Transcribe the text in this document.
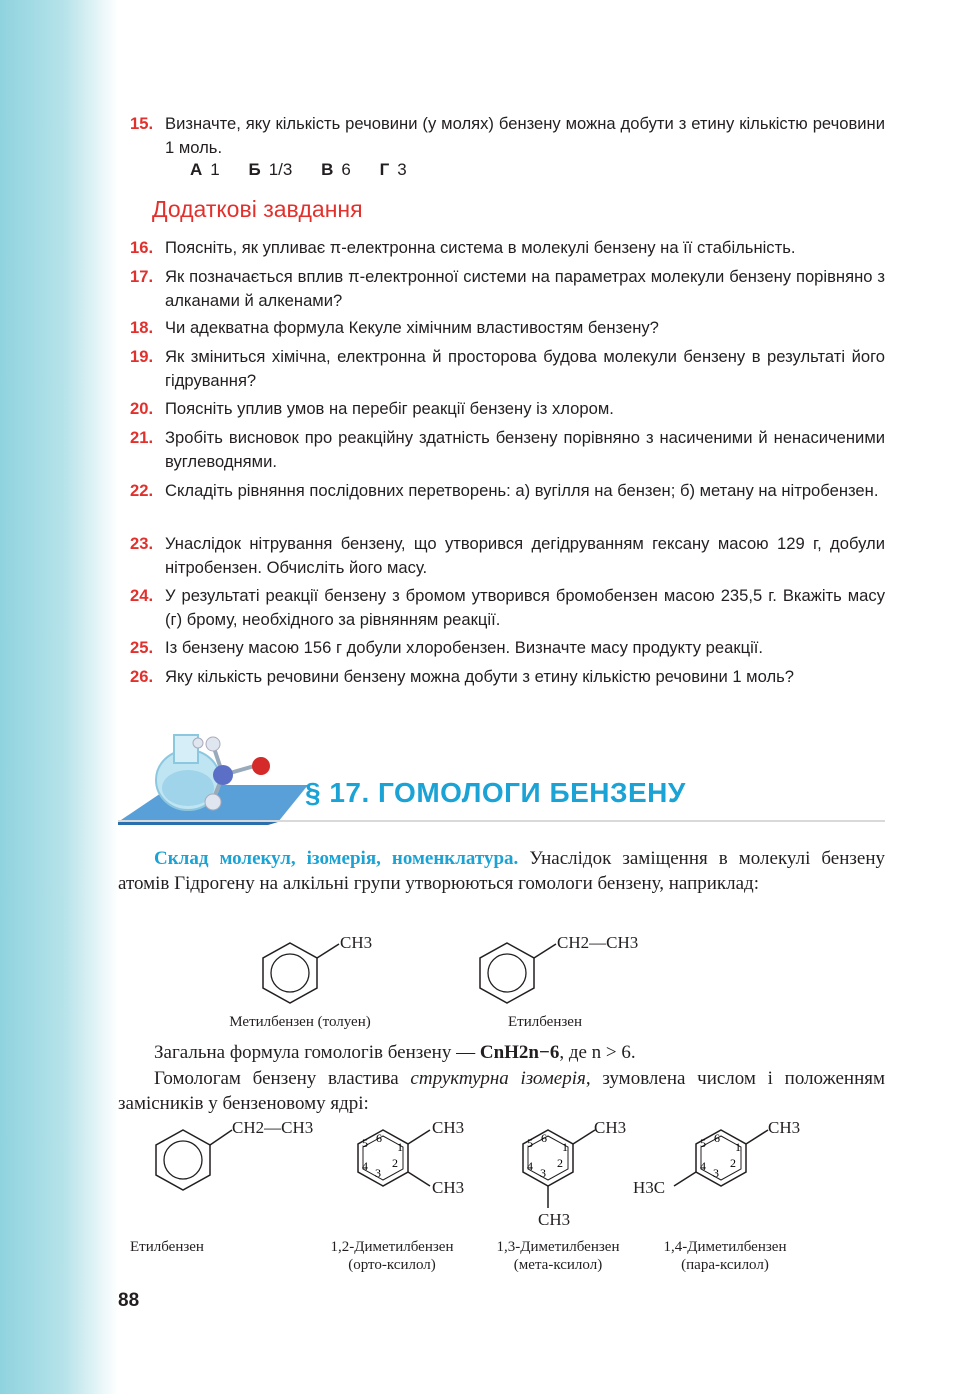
15. Визначте, яку кількість речовини (у молях) бензену можна добути з етину кількістю речовини 1 моль.
А 1 Б 1/3 В 6 Г 3
Додаткові завдання
16. Поясніть, як упливає π-електронна система в молекулі бензену на її стабільність.
17. Як позначається вплив π-електронної системи на параметрах молекули бензену порівняно з алканами й алкенами?
18. Чи адекватна формула Кекуле хімічним властивостям бензену?
19. Як зміниться хімічна, електронна й просторова будова молекули бензену в результаті його гідрування?
20. Поясніть уплив умов на перебіг реакції бензену із хлором.
21. Зробіть висновок про реакційну здатність бензену порівняно з насиченими й ненасиченими вуглеводнями.
22. Складіть рівняння послідовних перетворень: а) вугілля на бензен; б) метану на нітробензен.
23. Унаслідок нітрування бензену, що утворився дегідруванням гексану масою 129 г, добули нітробензен. Обчисліть його масу.
24. У результаті реакції бензену з бромом утворився бромобензен масою 235,5 г. Вкажіть масу (г) брому, необхідного за рівнянням реакції.
25. Із бензену масою 156 г добули хлоробензен. Визначте масу продукту реакції.
26. Яку кількість речовини бензену можна добути з етину кількістю речовини 1 моль?
§ 17. ГОМОЛОГИ БЕНЗЕНУ
Склад молекул, ізомерія, номенклатура. Унаслідок заміщення в молекулі бензену атомів Гідрогену на алкільні групи утворюються гомологи бензену, наприклад:
CH3
Метилбензен (толуен)
CH2—CH3
Етилбензен
Загальна формула гомологів бензену — CnH2n−6, де n > 6.
Гомологам бензену властива структурна ізомерія, зумовлена числом і положенням замісників у бензеновому ядрі:
CH2—CH3
1
2
3
4
5 6
CH3
CH3
1
2
3
4
5 6
CH3
CH3
1
2
3
4
5 6
CH3
H3C
Етилбензен	1,2-Диметилбензен
(орто-ксилол)
1,3-Диметилбензен
(мета-ксилол)
1,4-Диметилбензен
(пара-ксилол)
88
